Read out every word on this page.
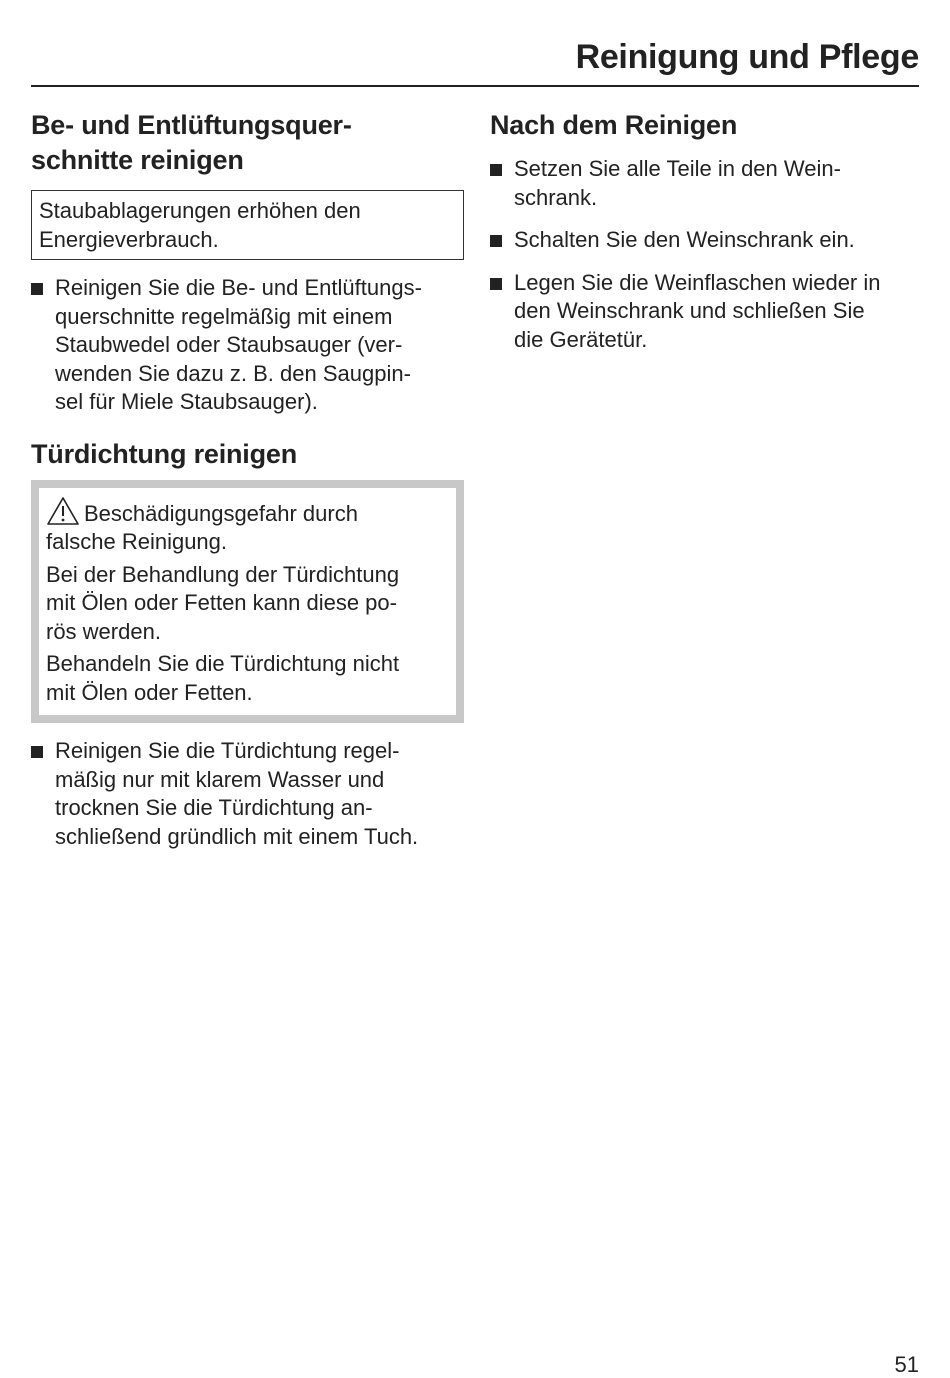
Reinigung und Pflege
Be- und Entlüftungsquer-
schnitte reinigen
Staubablagerungen erhöhen den
Energieverbrauch.
Reinigen Sie die Be- und Entlüftungs-
querschnitte regelmäßig mit einem
Staubwedel oder Staubsauger (ver-
wenden Sie dazu z. B. den Saugpin-
sel für Miele Staubsauger).
Türdichtung reinigen

Beschädigungsgefahr durch
falsche Reinigung.

Bei der Behandlung der Türdichtung
mit Ölen oder Fetten kann diese po-
rös werden.

Behandeln Sie die Türdichtung nicht
mit Ölen oder Fetten.

Reinigen Sie die Türdichtung regel-
mäßig nur mit klarem Wasser und
trocknen Sie die Türdichtung an-
schließend gründlich mit einem Tuch.
Nach dem Reinigen
Setzen Sie alle Teile in den Wein-
schrank.
Schalten Sie den Weinschrank ein.
Legen Sie die Weinflaschen wieder in
den Weinschrank und schließen Sie
die Gerätetür.
51
